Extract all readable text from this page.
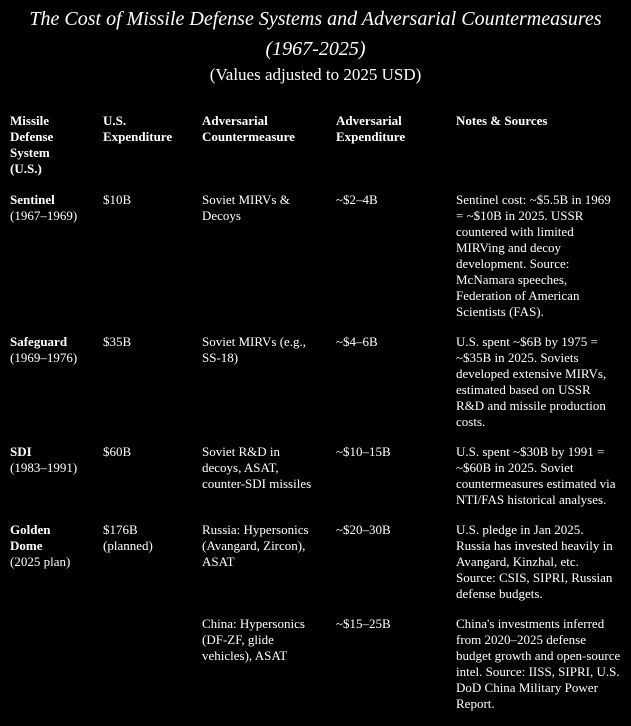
The Cost of Missile Defense Systems and Adversarial Countermeasures
(1967-2025)
(Values adjusted to 2025 USD)
Missile Defense System (U.S.)	U.S. Expenditure	Adversarial Countermeasure	Adversarial Expenditure	Notes & Sources

Sentinel
(1967–1969)	$10B	Soviet MIRVs & Decoys	~$2–4B	Sentinel cost: ~$5.5B in 1969 = ~$10B in 2025. USSR countered with limited MIRVing and decoy development. Source: McNamara speeches, Federation of American Scientists (FAS).

Safeguard
(1969–1976)	$35B	Soviet MIRVs (e.g., SS-18)	~$4–6B	U.S. spent ~$6B by 1975 = ~$35B in 2025. Soviets developed extensive MIRVs, estimated based on USSR R&D and missile production costs.

SDI
(1983–1991)	$60B	Soviet R&D in decoys, ASAT, counter-SDI missiles	~$10–15B	U.S. spent ~$30B by 1991 = ~$60B in 2025. Soviet countermeasures estimated via NTI/FAS historical analyses.

Golden Dome
(2025 plan)	$176B (planned)	Russia: Hypersonics (Avangard, Zircon), ASAT	~$20–30B	U.S. pledge in Jan 2025. Russia has invested heavily in Avangard, Kinzhal, etc. Source: CSIS, SIPRI, Russian defense budgets.

		China: Hypersonics (DF-ZF, glide vehicles), ASAT	~$15–25B	China's investments inferred from 2020–2025 defense budget growth and open-source intel. Source: IISS, SIPRI, U.S. DoD China Military Power Report.
